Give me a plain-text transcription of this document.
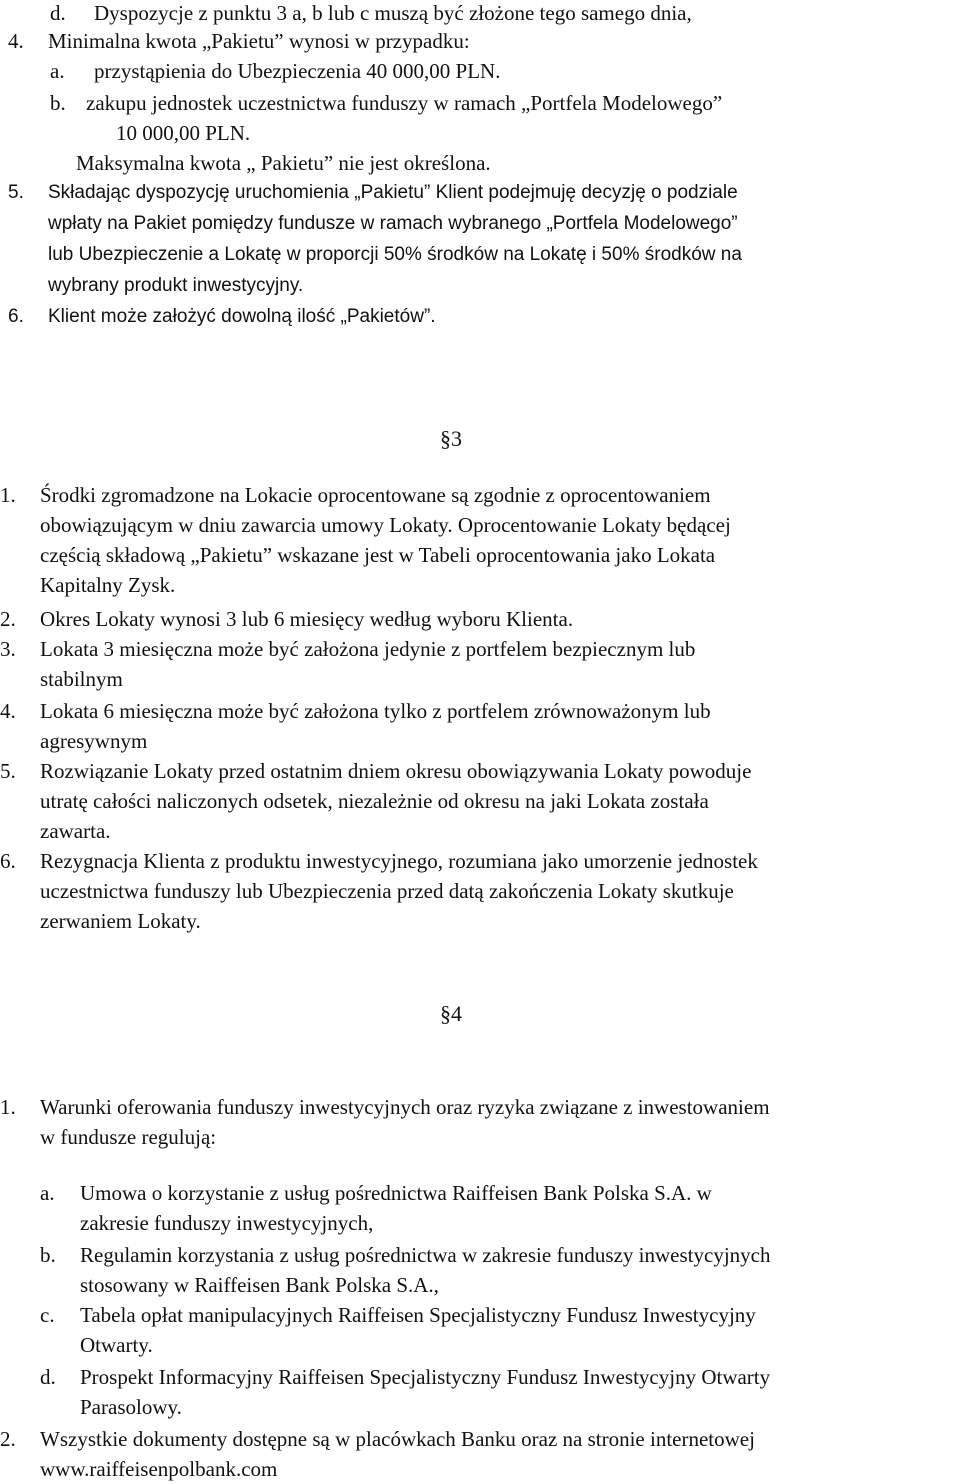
d. Dyspozycje z punktu 3 a, b lub c muszą być złożone tego samego dnia,
4. Minimalna kwota „Pakietu” wynosi w przypadku:
a. przystąpienia do Ubezpieczenia 40 000,00 PLN.
b. zakupu jednostek uczestnictwa funduszy w ramach „Portfela Modelowego”
10 000,00 PLN.
Maksymalna kwota „ Pakietu” nie jest określona.
5. Składając dyspozycję uruchomienia „Pakietu” Klient podejmuję decyzję o podziale
wpłaty na Pakiet pomiędzy fundusze w ramach wybranego „Portfela Modelowego”
lub Ubezpieczenie a Lokatę w proporcji 50% środków na Lokatę i 50% środków na
wybrany produkt inwestycyjny.
6. Klient może założyć dowolną ilość „Pakietów”.
§3
1. Środki zgromadzone na Lokacie oprocentowane są zgodnie z oprocentowaniem
obowiązującym w dniu zawarcia umowy Lokaty. Oprocentowanie Lokaty będącej
częścią składową „Pakietu” wskazane jest w Tabeli oprocentowania jako Lokata
Kapitalny Zysk.
2. Okres Lokaty wynosi 3 lub 6 miesięcy według wyboru Klienta.
3. Lokata 3 miesięczna może być założona jedynie z portfelem bezpiecznym lub
stabilnym
4. Lokata 6 miesięczna może być założona tylko z portfelem zrównoważonym lub
agresywnym
5. Rozwiązanie Lokaty przed ostatnim dniem okresu obowiązywania Lokaty powoduje
utratę całości naliczonych odsetek, niezależnie od okresu na jaki Lokata została
zawarta.
6. Rezygnacja Klienta z produktu inwestycyjnego, rozumiana jako umorzenie jednostek
uczestnictwa funduszy lub Ubezpieczenia przed datą zakończenia Lokaty skutkuje
zerwaniem Lokaty.
§4
1. Warunki oferowania funduszy inwestycyjnych oraz ryzyka związane z inwestowaniem
w fundusze regulują:
a. Umowa o korzystanie z usług pośrednictwa Raiffeisen Bank Polska S.A. w
zakresie funduszy inwestycyjnych,
b. Regulamin korzystania z usług pośrednictwa w zakresie funduszy inwestycyjnych
stosowany w Raiffeisen Bank Polska S.A.,
c. Tabela opłat manipulacyjnych Raiffeisen Specjalistyczny Fundusz Inwestycyjny
Otwarty.
d. Prospekt Informacyjny Raiffeisen Specjalistyczny Fundusz Inwestycyjny Otwarty
Parasolowy.
2. Wszystkie dokumenty dostępne są w placówkach Banku oraz na stronie internetowej
www.raiffeisenpolbank.com
